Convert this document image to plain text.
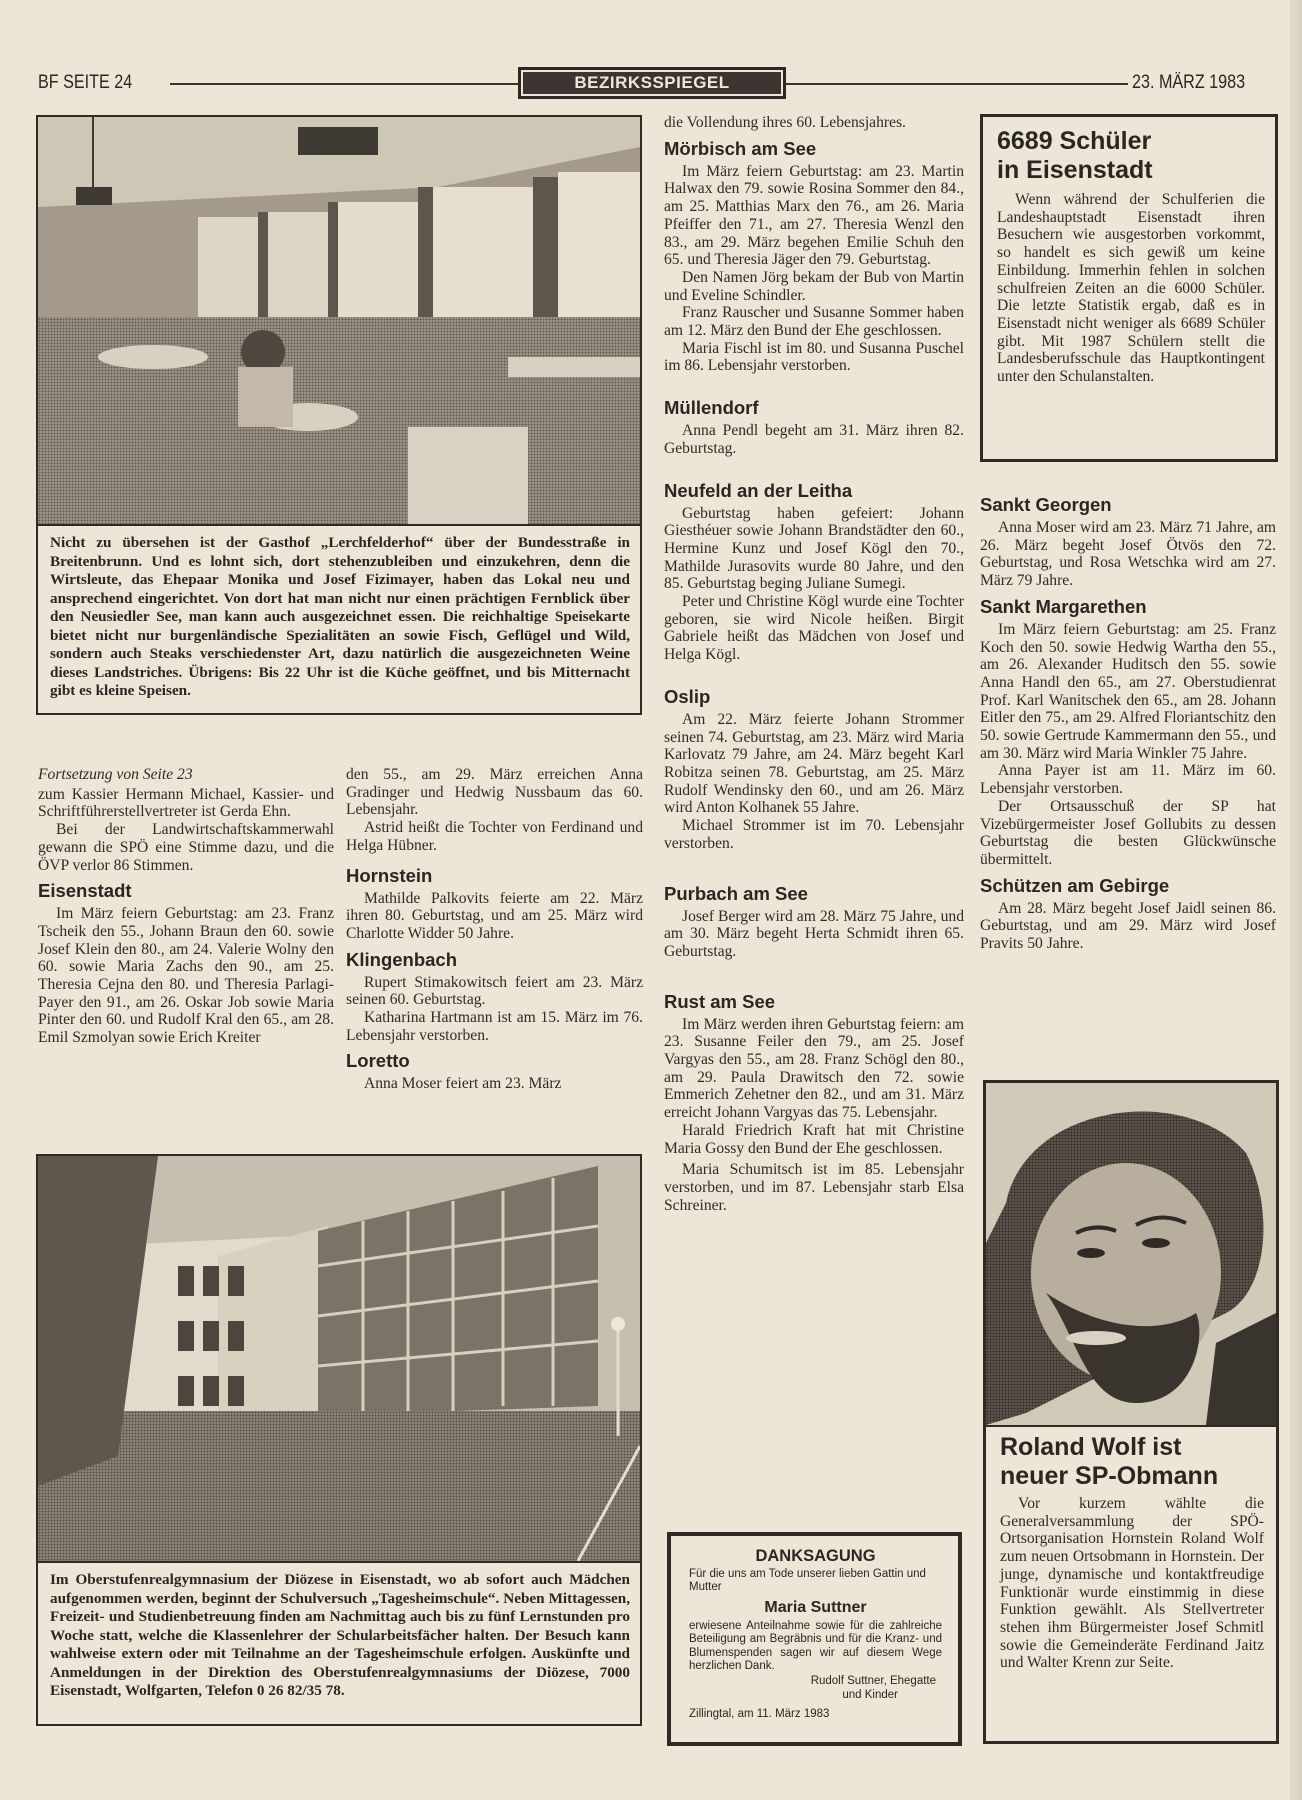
BF SEITE 24	BEZIRKSSPIEGEL	23. MÄRZ 1983
Nicht zu übersehen ist der Gasthof „Lerchfelderhof“ über der Bundesstraße in Breitenbrunn. Und es lohnt sich, dort stehenzubleiben und einzukehren, denn die Wirtsleute, das Ehepaar Monika und Josef Fizimayer, haben das Lokal neu und ansprechend eingerichtet. Von dort hat man nicht nur einen prächtigen Fernblick über den Neusiedler See, man kann auch ausgezeichnet essen. Die reichhaltige Speisekarte bietet nicht nur burgenländische Spezialitäten an sowie Fisch, Geflügel und Wild, sondern auch Steaks verschiedenster Art, dazu natürlich die ausgezeichneten Weine dieses Landstriches. Übrigens: Bis 22 Uhr ist die Küche geöffnet, und bis Mitternacht gibt es kleine Speisen.

Fortsetzung von Seite 23

zum Kassier Hermann Michael, Kassier- und Schriftführerstellvertreter ist Gerda Ehn.

Bei der Landwirtschaftskammerwahl gewann die SPÖ eine Stimme dazu, und die ÖVP verlor 86 Stimmen.

Eisenstadt

Im März feiern Geburtstag: am 23. Franz Tscheik den 55., Johann Braun den 60. sowie Josef Klein den 80., am 24. Valerie Wolny den 60. sowie Maria Zachs den 90., am 25. Theresia Cejna den 80. und Theresia Parlagi-Payer den 91., am 26. Oskar Job sowie Maria Pinter den 60. und Rudolf Kral den 65., am 28. Emil Szmolyan sowie Erich Kreiter

den 55., am 29. März erreichen Anna Gradinger und Hedwig Nussbaum das 60. Lebensjahr.

Astrid heißt die Tochter von Ferdinand und Helga Hübner.

Hornstein

Mathilde Palkovits feierte am 22. März ihren 80. Geburtstag, und am 25. März wird Charlotte Widder 50 Jahre.

Klingenbach

Rupert Stimakowitsch feiert am 23. März seinen 60. Geburtstag.

Katharina Hartmann ist am 15. März im 76. Lebensjahr verstorben.

Loretto

Anna Moser feiert am 23. März

Im Oberstufenrealgymnasium der Diözese in Eisenstadt, wo ab sofort auch Mädchen aufgenommen werden, beginnt der Schulversuch „Tagesheimschule“. Neben Mittagessen, Freizeit- und Studienbetreuung finden am Nachmittag auch bis zu fünf Lernstunden pro Woche statt, welche die Klassenlehrer der Schularbeitsfächer halten. Der Besuch kann wahlweise extern oder mit Teilnahme an der Tagesheimschule erfolgen. Auskünfte und Anmeldungen in der Direktion des Oberstufenrealgymnasiums der Diözese, 7000 Eisenstadt, Wolfgarten, Telefon 0 26 82/35 78.

die Vollendung ihres 60. Lebensjahres.

Mörbisch am See

Im März feiern Geburtstag: am 23. Martin Halwax den 79. sowie Rosina Sommer den 84., am 25. Matthias Marx den 76., am 26. Maria Pfeiffer den 71., am 27. Theresia Wenzl den 83., am 29. März begehen Emilie Schuh den 65. und Theresia Jäger den 79. Geburtstag.

Den Namen Jörg bekam der Bub von Martin und Eveline Schindler.

Franz Rauscher und Susanne Sommer haben am 12. März den Bund der Ehe geschlossen.

Maria Fischl ist im 80. und Susanna Puschel im 86. Lebensjahr verstorben.

Müllendorf

Anna Pendl begeht am 31. März ihren 82. Geburtstag.

Neufeld an der Leitha

Geburtstag haben gefeiert: Johann Giesthéuer sowie Johann Brandstädter den 60., Hermine Kunz und Josef Kögl den 70., Mathilde Jurasovits wurde 80 Jahre, und den 85. Geburtstag beging Juliane Sumegi.

Peter und Christine Kögl wurde eine Tochter geboren, sie wird Nicole heißen. Birgit Gabriele heißt das Mädchen von Josef und Helga Kögl.

Oslip

Am 22. März feierte Johann Strommer seinen 74. Geburtstag, am 23. März wird Maria Karlovatz 79 Jahre, am 24. März begeht Karl Robitza seinen 78. Geburtstag, am 25. März Rudolf Wendinsky den 60., und am 26. März wird Anton Kolhanek 55 Jahre.

Michael Strommer ist im 70. Lebensjahr verstorben.

Purbach am See

Josef Berger wird am 28. März 75 Jahre, und am 30. März begeht Herta Schmidt ihren 65. Geburtstag.

Rust am See

Im März werden ihren Geburtstag feiern: am 23. Susanne Feiler den 79., am 25. Josef Vargyas den 55., am 28. Franz Schögl den 80., am 29. Paula Drawitsch den 72. sowie Emmerich Zehetner den 82., und am 31. März erreicht Johann Vargyas das 75. Lebensjahr.

Harald Friedrich Kraft hat mit Christine Maria Gossy den Bund der Ehe geschlossen.

Maria Schumitsch ist im 85. Lebensjahr verstorben, und im 87. Lebensjahr starb Elsa Schreiner.

DANKSAGUNG
Für die uns am Tode unserer lieben Gattin und Mutter
Maria Suttner
erwiesene Anteilnahme sowie für die zahlreiche Beteiligung am Begräbnis und für die Kranz- und Blumenspenden sagen wir auf diesem Wege herzlichen Dank.
Rudolf Suttner, Ehegatte
und Kinder
Zillingtal, am 11. März 1983
6689 Schüler
in Eisenstadt

Wenn während der Schulferien die Landeshauptstadt Eisenstadt ihren Besuchern wie ausgestorben vorkommt, so handelt es sich gewiß um keine Einbildung. Immerhin fehlen in solchen schulfreien Zeiten an die 6000 Schüler. Die letzte Statistik ergab, daß es in Eisenstadt nicht weniger als 6689 Schüler gibt. Mit 1987 Schülern stellt die Landesberufsschule das Hauptkontingent unter den Schulanstalten.

Sankt Georgen

Anna Moser wird am 23. März 71 Jahre, am 26. März begeht Josef Ötvös den 72. Geburtstag, und Rosa Wetschka wird am 27. März 79 Jahre.

Sankt Margarethen

Im März feiern Geburtstag: am 25. Franz Koch den 50. sowie Hedwig Wartha den 55., am 26. Alexander Huditsch den 55. sowie Anna Handl den 65., am 27. Oberstudienrat Prof. Karl Wanitschek den 65., am 28. Johann Eitler den 75., am 29. Alfred Floriantschitz den 50. sowie Gertrude Kammermann den 55., und am 30. März wird Maria Winkler 75 Jahre.

Anna Payer ist am 11. März im 60. Lebensjahr verstorben.

Der Ortsausschuß der SP hat Vizebürgermeister Josef Gollubits zu dessen Geburtstag die besten Glückwünsche übermittelt.

Schützen am Gebirge

Am 28. März begeht Josef Jaidl seinen 86. Geburtstag, und am 29. März wird Josef Pravits 50 Jahre.

Roland Wolf ist
neuer SP-Obmann

Vor kurzem wählte die Generalversammlung der SPÖ-Ortsorganisation Hornstein Roland Wolf zum neuen Ortsobmann in Hornstein. Der junge, dynamische und kontaktfreudige Funktionär wurde einstimmig in diese Funktion gewählt. Als Stellvertreter stehen ihm Bürgermeister Josef Schmitl sowie die Gemeinderäte Ferdinand Jaitz und Walter Krenn zur Seite.
